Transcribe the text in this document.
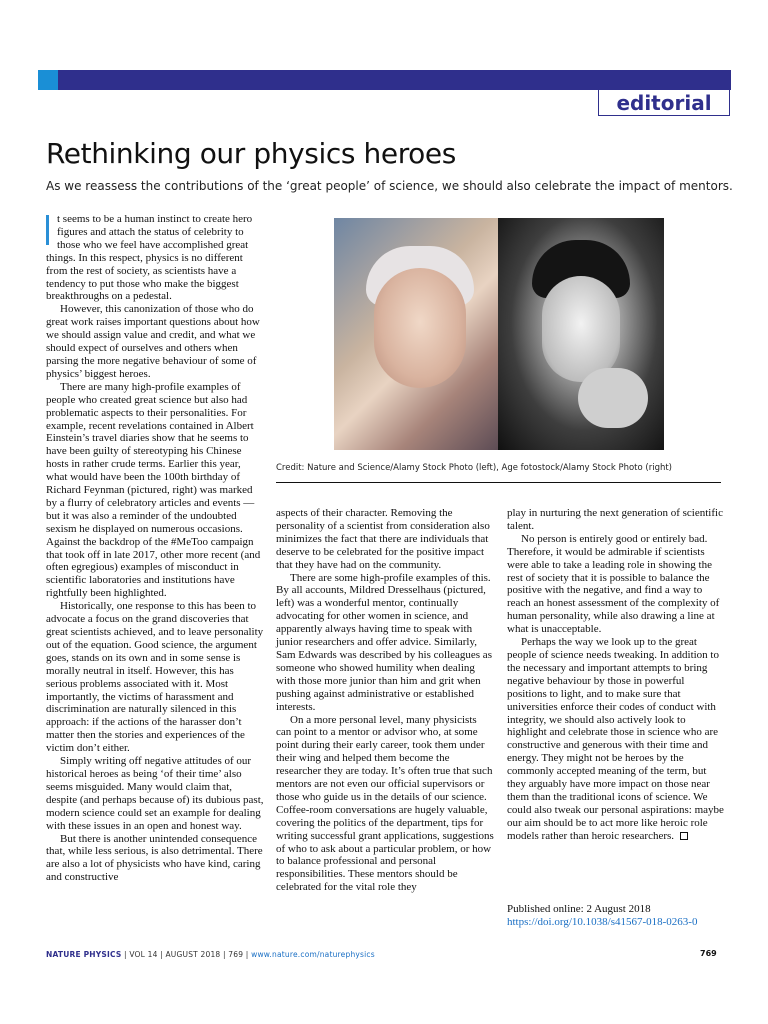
editorial
Rethinking our physics heroes

As we reassess the contributions of the ‘great people’ of science, we should also celebrate the impact of mentors.

t seems to be a human instinct to create hero figures and attach the status of celebrity to those who we feel have accomplished great things. In this respect, physics is no different from the rest of society, as scientists have a tendency to put those who make the biggest breakthroughs on a pedestal.

However, this canonization of those who do great work raises important questions about how we should assign value and credit, and what we should expect of ourselves and others when parsing the more negative behaviour of some of physics’ biggest heroes.

There are many high-profile examples of people who created great science but also had problematic aspects to their personalities. For example, recent revelations contained in Albert Einstein’s travel diaries show that he seems to have been guilty of stereotyping his Chinese hosts in rather crude terms. Earlier this year, what would have been the 100th birthday of Richard Feynman (pictured, right) was marked by a flurry of celebratory articles and events — but it was also a reminder of the undoubted sexism he displayed on numerous occasions. Against the backdrop of the #MeToo campaign that took off in late 2017, other more recent (and often egregious) examples of misconduct in scientific laboratories and institutions have rightfully been highlighted.

Historically, one response to this has been to advocate a focus on the grand discoveries that great scientists achieved, and to leave personality out of the equation. Good science, the argument goes, stands on its own and in some sense is morally neutral in itself. However, this has serious problems associated with it. Most importantly, the victims of harassment and discrimination are naturally silenced in this approach: if the actions of the harasser don’t matter then the stories and experiences of the victim don’t either.

Simply writing off negative attitudes of our historical heroes as being ‘of their time’ also seems misguided. Many would claim that, despite (and perhaps because of) its dubious past, modern science could set an example for dealing with these issues in an open and honest way.

But there is another unintended consequence that, while less serious, is also detrimental. There are also a lot of physicists who have kind, caring and constructive

Credit: Nature and Science/Alamy Stock Photo (left), Age fotostock/Alamy Stock Photo (right)

aspects of their character. Removing the personality of a scientist from consideration also minimizes the fact that there are individuals that deserve to be celebrated for the positive impact that they have had on the community.

There are some high-profile examples of this. By all accounts, Mildred Dresselhaus (pictured, left) was a wonderful mentor, continually advocating for other women in science, and apparently always having time to speak with junior researchers and offer advice. Similarly, Sam Edwards was described by his colleagues as someone who showed humility when dealing with those more junior than him and grit when pushing against administrative or established interests.

On a more personal level, many physicists can point to a mentor or advisor who, at some point during their early career, took them under their wing and helped them become the researcher they are today. It’s often true that such mentors are not even our official supervisors or those who guide us in the details of our science. Coffee-room conversations are hugely valuable, covering the politics of the department, tips for writing successful grant applications, suggestions of who to ask about a particular problem, or how to balance professional and personal responsibilities. These mentors should be celebrated for the vital role they

play in nurturing the next generation of scientific talent.

No person is entirely good or entirely bad. Therefore, it would be admirable if scientists were able to take a leading role in showing the rest of society that it is possible to balance the positive with the negative, and find a way to reach an honest assessment of the complexity of human personality, while also drawing a line at what is unacceptable.

Perhaps the way we look up to the great people of science needs tweaking. In addition to the necessary and important attempts to bring negative behaviour by those in powerful positions to light, and to make sure that universities enforce their codes of conduct with integrity, we should also actively look to highlight and celebrate those in science who are constructive and generous with their time and energy. They might not be heroes by the commonly accepted meaning of the term, but they arguably have more impact on those near them than the traditional icons of science. We could also tweak our personal aspirations: maybe our aim should be to act more like heroic role models rather than heroic researchers.

Published online: 2 August 2018
https://doi.org/10.1038/s41567-018-0263-0
NATURE PHYSICS | VOL 14 | AUGUST 2018 | 769 | www.nature.com/naturephysics	769
